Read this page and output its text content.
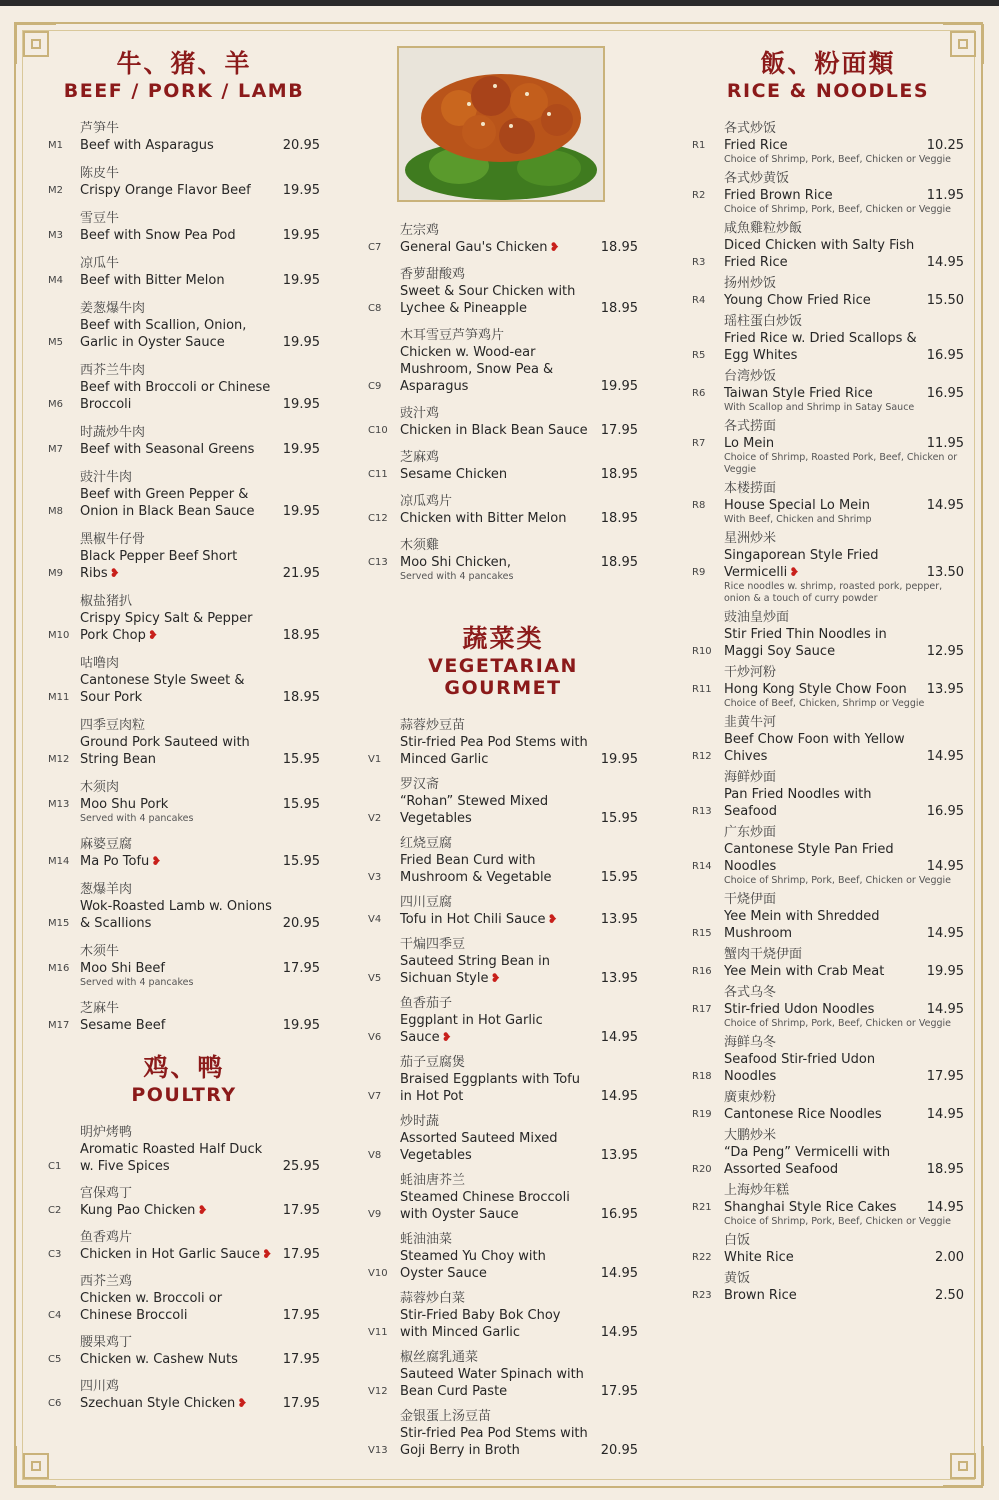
牛、猪、羊
BEEF / PORK / LAMB
芦笋牛
M1	Beef with Asparagus	20.95
陈皮牛
M2	Crispy Orange Flavor Beef	19.95
雪豆牛
M3	Beef with Snow Pea Pod	19.95
凉瓜牛
M4	Beef with Bitter Melon	19.95
姜葱爆牛肉
M5
Beef with Scallion, Onion, Garlic in Oyster Sauce	19.95
西芥兰牛肉
M6
Beef with Broccoli or Chinese Broccoli	19.95
时蔬炒牛肉
M7	Beef with Seasonal Greens	19.95
豉汁牛肉
M8
Beef with Green Pepper & Onion in Black Bean Sauce	19.95
黑椒牛仔骨
M9
Black Pepper Beef Short Ribs ❥	21.95
椒盐猪扒
M10
Crispy Spicy Salt & Pepper Pork Chop ❥	18.95
咕噜肉
M11
Cantonese Style Sweet & Sour Pork	18.95
四季豆肉粒
M12
Ground Pork Sauteed with String Bean	15.95
木须肉
M13 Moo Shu Pork	15.95
Served with 4 pancakes
麻婆豆腐
M14 Ma Po Tofu ❥	15.95
葱爆羊肉
M15
Wok-Roasted Lamb w. Onions & Scallions	20.95
木须牛
M16 Moo Shi Beef	17.95
Served with 4 pancakes
芝麻牛
M17 Sesame Beef	19.95
鸡、鸭
POULTRY
明炉烤鸭
C1
Aromatic Roasted Half Duck w. Five Spices	25.95
宫保鸡丁
C2	Kung Pao Chicken ❥	17.95
鱼香鸡片
C3	Chicken in Hot Garlic Sauce ❥ 17.95
西芥兰鸡
C4
Chicken w. Broccoli or Chinese Broccoli	17.95
腰果鸡丁
C5	Chicken w. Cashew Nuts	17.95
四川鸡
C6	Szechuan Style Chicken ❥	17.95
左宗鸡
C7	General Gau's Chicken ❥	18.95
香萝甜酸鸡
C8
Sweet & Sour Chicken with Lychee & Pineapple	18.95
木耳雪豆芦笋鸡片
C9
Chicken w. Wood-ear Mushroom, Snow Pea & Asparagus	19.95
豉汁鸡
C10 Chicken in Black Bean Sauce	17.95
芝麻鸡
C11 Sesame Chicken	18.95
凉瓜鸡片
C12 Chicken with Bitter Melon	18.95
木须雞
C13 Moo Shi Chicken,	18.95
Served with 4 pancakes
蔬菜类
VEGETARIAN
GOURMET
蒜蓉炒豆苗
V1
Stir-fried Pea Pod Stems with Minced Garlic	19.95
罗汉斋
V2
“Rohan” Stewed Mixed Vegetables	15.95
红烧豆腐
V3
Fried Bean Curd with Mushroom & Vegetable	15.95
四川豆腐
V4	Tofu in Hot Chili Sauce ❥	13.95
干煸四季豆
V5
Sauteed String Bean in Sichuan Style ❥	13.95
鱼香茄子
V6
Eggplant in Hot Garlic Sauce ❥	14.95
茄子豆腐煲
V7
Braised Eggplants with Tofu in Hot Pot	14.95
炒时蔬
V8
Assorted Sauteed Mixed Vegetables	13.95
蚝油唐芥兰
V9
Steamed Chinese Broccoli with Oyster Sauce	16.95
蚝油油菜
V10
Steamed Yu Choy with Oyster Sauce	14.95
蒜蓉炒白菜
V11
Stir-Fried Baby Bok Choy with Minced Garlic	14.95
椒丝腐乳通菜
V12
Sauteed Water Spinach with Bean Curd Paste	17.95
金银蛋上汤豆苗
V13
Stir-fried Pea Pod Stems with Goji Berry in Broth	20.95
飯、粉面類
RICE & NOODLES
各式炒饭
R1	Fried Rice	10.25
Choice of Shrimp, Pork, Beef, Chicken or Veggie
各式炒黄饭
R2	Fried Brown Rice	11.95
Choice of Shrimp, Pork, Beef, Chicken or Veggie
咸魚雞粒炒飯
R3
Diced Chicken with Salty Fish Fried Rice	14.95
扬州炒饭
R4	Young Chow Fried Rice	15.50
瑶柱蛋白炒饭
R5
Fried Rice w. Dried Scallops & Egg Whites	16.95
台湾炒饭
R6	Taiwan Style Fried Rice	16.95
With Scallop and Shrimp in Satay Sauce
各式捞面
R7	Lo Mein	11.95
Choice of Shrimp, Roasted Pork, Beef, Chicken or Veggie
本楼捞面
R8	House Special Lo Mein	14.95
With Beef, Chicken and Shrimp
星洲炒米
R9
Singaporean Style Fried Vermicelli ❥	13.50
Rice noodles w. shrimp, roasted pork, pepper, onion & a touch of curry powder
豉油皇炒面
R10
Stir Fried Thin Noodles in Maggi Soy Sauce	12.95
干炒河粉
R11 Hong Kong Style Chow Foon	13.95
Choice of Beef, Chicken, Shrimp or Veggie
韭黄牛河
R12
Beef Chow Foon with Yellow Chives	14.95
海鲜炒面
R13
Pan Fried Noodles with Seafood	16.95
广东炒面
R14
Cantonese Style Pan Fried Noodles	14.95
Choice of Shrimp, Pork, Beef, Chicken or Veggie
干烧伊面
R15
Yee Mein with Shredded Mushroom	14.95
蟹肉干烧伊面
R16 Yee Mein with Crab Meat	19.95
各式乌冬
R17 Stir-fried Udon Noodles	14.95
Choice of Shrimp, Pork, Beef, Chicken or Veggie
海鲜乌冬
R18
Seafood Stir-fried Udon Noodles	17.95
廣東炒粉
R19 Cantonese Rice Noodles	14.95
大鹏炒米
R20
“Da Peng” Vermicelli with Assorted Seafood	18.95
上海炒年糕
R21 Shanghai Style Rice Cakes	14.95
Choice of Shrimp, Pork, Beef, Chicken or Veggie
白饭
R22 White Rice	2.00
黄饭
R23 Brown Rice	2.50
